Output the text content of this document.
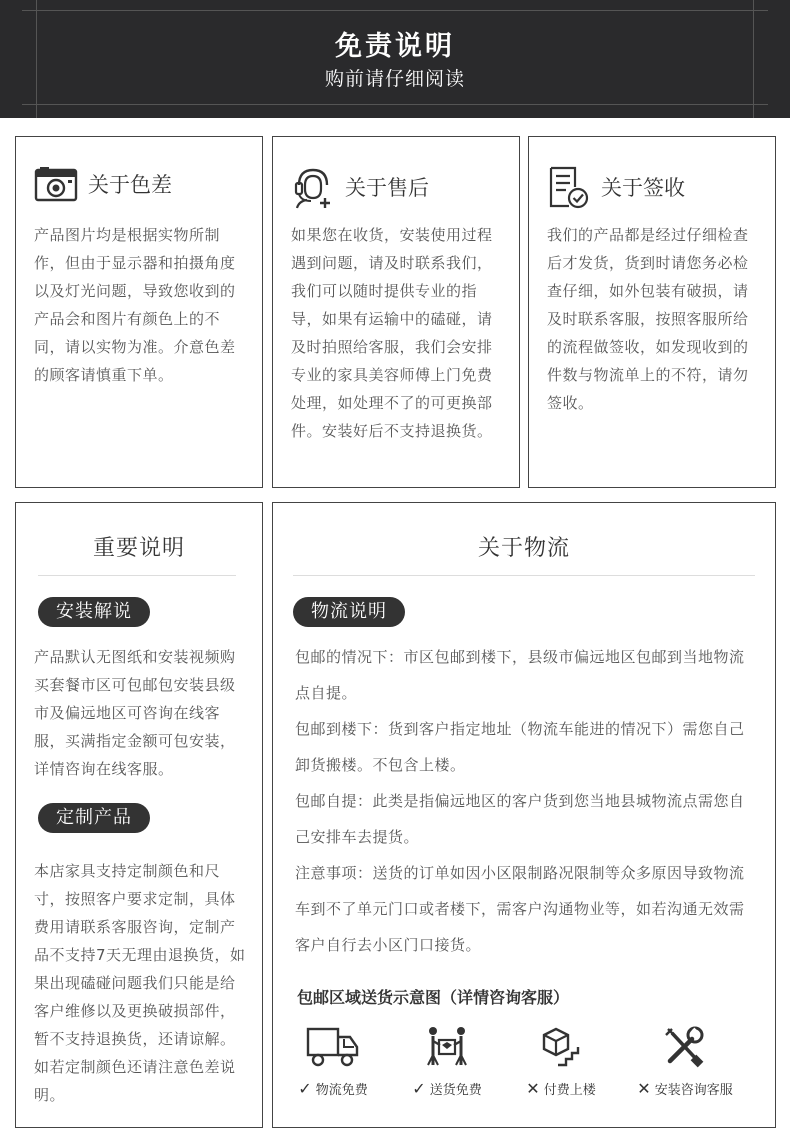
免责说明
购前请仔细阅读
关于色差
产品图片均是根据实物所制作，但由于显示器和拍摄角度以及灯光问题，导致您收到的产品会和图片有颜色上的不同，请以实物为准。介意色差的顾客请慎重下单。
关于售后
如果您在收货，安装使用过程遇到问题，请及时联系我们，我们可以随时提供专业的指导，如果有运输中的磕碰，请及时拍照给客服，我们会安排专业的家具美容师傅上门免费处理，如处理不了的可更换部件。安装好后不支持退换货。
关于签收
我们的产品都是经过仔细检查后才发货，货到时请您务必检查仔细，如外包装有破损，请及时联系客服，按照客服所给的流程做签收，如发现收到的件数与物流单上的不符，请勿签收。
重要说明
安装解说
产品默认无图纸和安装视频购买套餐市区可包邮包安装县级市及偏远地区可咨询在线客服，买满指定金额可包安装，详情咨询在线客服。
定制产品
本店家具支持定制颜色和尺寸，按照客户要求定制，具体费用请联系客服咨询，定制产品不支持7天无理由退换货，如果出现磕碰问题我们只能是给客户维修以及更换破损部件，暂不支持退换货，还请谅解。如若定制颜色还请注意色差说明。
关于物流
物流说明
包邮的情况下：市区包邮到楼下，县级市偏远地区包邮到当地物流点自提。
包邮到楼下：货到客户指定地址（物流车能进的情况下）需您自己卸货搬楼。不包含上楼。
包邮自提：此类是指偏远地区的客户货到您当地县城物流点需您自己安排车去提货。
注意事项：送货的订单如因小区限制路况限制等众多原因导致物流车到不了单元门口或者楼下，需客户沟通物业等，如若沟通无效需客户自行去小区门口接货。
包邮区域送货示意图（详情咨询客服）
✓ 物流免费	✓ 送货免费	✕ 付费上楼	✕ 安装咨询客服
